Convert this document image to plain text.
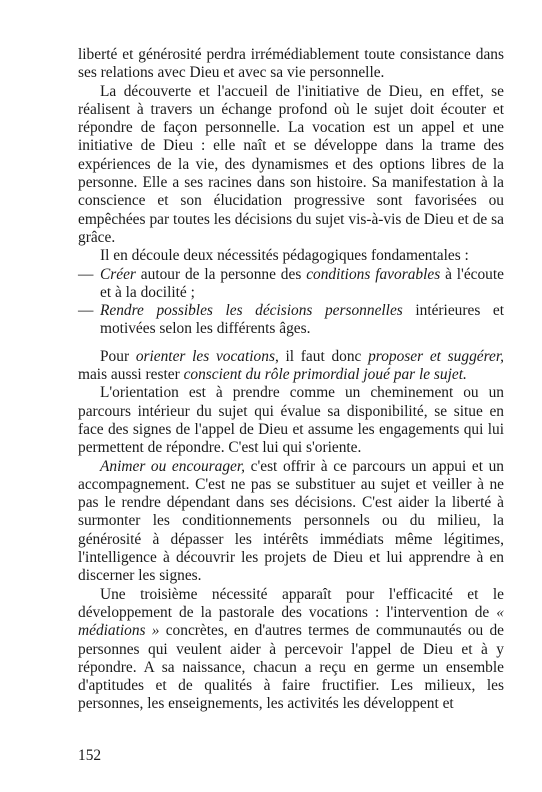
liberté et générosité perdra irrémédiablement toute consistance dans ses relations avec Dieu et avec sa vie personnelle.

La découverte et l'accueil de l'initiative de Dieu, en effet, se réalisent à travers un échange profond où le sujet doit écouter et répondre de façon personnelle. La vocation est un appel et une initiative de Dieu : elle naît et se développe dans la trame des expériences de la vie, des dynamismes et des options libres de la personne. Elle a ses racines dans son histoire. Sa manifestation à la conscience et son élucidation progressive sont favorisées ou empêchées par toutes les décisions du sujet vis-à-vis de Dieu et de sa grâce.

Il en découle deux nécessités pédagogiques fondamentales :

— Créer autour de la personne des conditions favorables à l'écoute et à la docilité ;
— Rendre possibles les décisions personnelles intérieures et motivées selon les différents âges.

Pour orienter les vocations, il faut donc proposer et suggérer, mais aussi rester conscient du rôle primordial joué par le sujet.

L'orientation est à prendre comme un cheminement ou un parcours intérieur du sujet qui évalue sa disponibilité, se situe en face des signes de l'appel de Dieu et assume les engagements qui lui permettent de répondre. C'est lui qui s'oriente.

Animer ou encourager, c'est offrir à ce parcours un appui et un accompagnement. C'est ne pas se substituer au sujet et veiller à ne pas le rendre dépendant dans ses décisions. C'est aider la liberté à surmonter les conditionnements personnels ou du milieu, la générosité à dépasser les intérêts immédiats même légitimes, l'intelligence à découvrir les projets de Dieu et lui apprendre à en discerner les signes.

Une troisième nécessité apparaît pour l'efficacité et le développement de la pastorale des vocations : l'intervention de « médiations » concrètes, en d'autres termes de communautés ou de personnes qui veulent aider à percevoir l'appel de Dieu et à y répondre. A sa naissance, chacun a reçu en germe un ensemble d'aptitudes et de qualités à faire fructifier. Les milieux, les personnes, les enseignements, les activités les développent et

152
